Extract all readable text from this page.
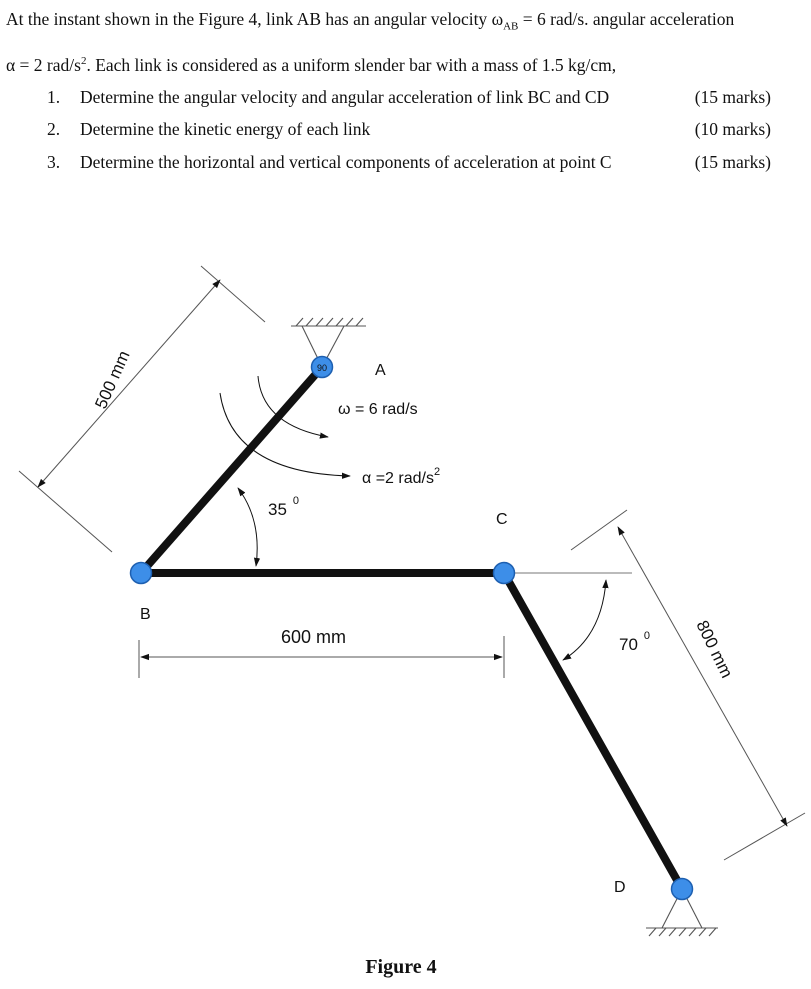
At the instant shown in the Figure 4, link AB has an angular velocity $\omega_{AB} = 6$ rad/s. angular acceleration
α = 2 rad/$s^2$. Each link is considered as a uniform slender bar with a mass of 1.5 kg/cm,
1. Determine the angular velocity and angular acceleration of link BC and CD	(15 marks)
2. Determine the kinetic energy of each link	(10 marks)
3. Determine the horizontal and vertical components of acceleration at point C	(15 marks)
90	A
B
C
D
ω = 6 rad/s
α =2 rad/$s^2$
35 $^0$
70 $^0$
500 mm
600 mm	800 mm
Figure 4
